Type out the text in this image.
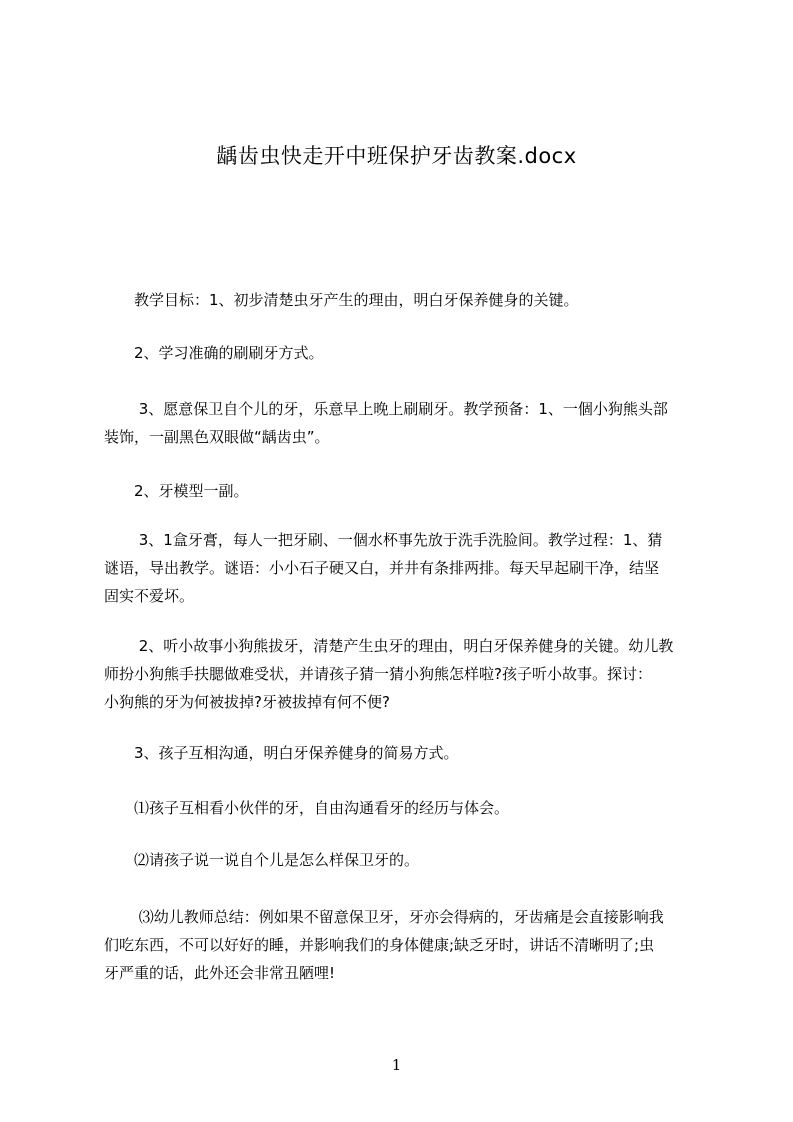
龋齿虫快走开中班保护牙齿教案.docx

　　教学目标：1、初步清楚虫牙产生的理由，明白牙保养健身的关键。

　　2、学习准确的刷刷牙方式。

　　 3、愿意保卫自个儿的牙，乐意早上晚上刷刷牙。教学预备：1、一個小狗熊头部
装饰，一副黑色双眼做“龋齿虫”。

　　2、牙模型一副。

　　 3、1盒牙膏，每人一把牙刷、一個水杯事先放于洗手洗脸间。教学过程：1、猜
谜语，导出教学。谜语：小小石子硬又白，并井有条排两排。每天早起刷干净，结坚
固实不爱坏。

　　 2、听小故事小狗熊拔牙，清楚产生虫牙的理由，明白牙保养健身的关键。幼儿教
师扮小狗熊手扶腮做难受状，并请孩子猜一猜小狗熊怎样啦?孩子听小故事。探讨：
小狗熊的牙为何被拔掉?牙被拔掉有何不便?

　　3、孩子互相沟通，明白牙保养健身的简易方式。

　　⑴孩子互相看小伙伴的牙，自由沟通看牙的经历与体会。

　　⑵请孩子说一说自个儿是怎么样保卫牙的。

　　 ⑶幼儿教师总结：例如果不留意保卫牙，牙亦会得病的，牙齿痛是会直接影响我
们吃东西，不可以好好的睡，并影响我们的身体健康;缺乏牙时，讲话不清晰明了;虫
牙严重的话，此外还会非常丑陋哩!

1
